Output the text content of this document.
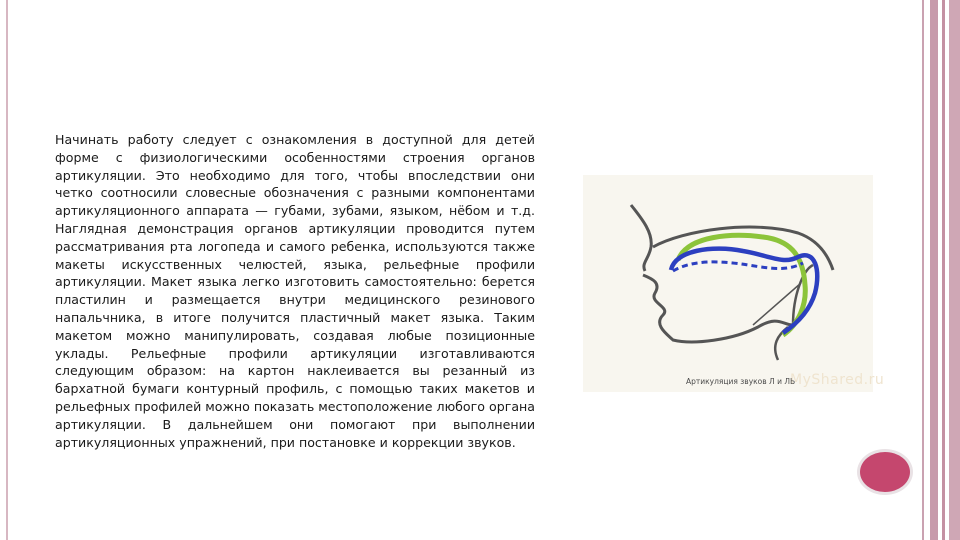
Начинать работу следует с ознакомления в доступной для детей форме с физиологическими особенностями строения органов артикуляции. Это необходимо для того, чтобы впоследствии они четко соотносили словесные обозначения с разными компонентами артикуляционного аппарата — губами, зубами, языком, нёбом и т.д. Наглядная демонстрация органов артикуляции проводится путем рассматривания рта логопеда и самого ребенка, используются также макеты искусственных челюстей, языка, рельефные профили артикуляции. Макет языка легко изготовить самостоятельно: берется пластилин и размещается внутри медицинского резинового напальчника, в итоге получится пластичный макет языка. Таким макетом можно манипулировать, создавая любые позиционные уклады. Рельефные профили артикуляции изготавливаются следующим образом: на картон наклеивается вы резанный из бархатной бумаги контурный профиль, с помощью таких макетов и рельефных профилей можно показать местоположение любого органа артикуляции. В дальнейшем они помогают при выполнении артикуляционных упражнений, при постановке и коррекции звуков.
MyShared.ru
Артикуляция звуков Л и ЛЬ
